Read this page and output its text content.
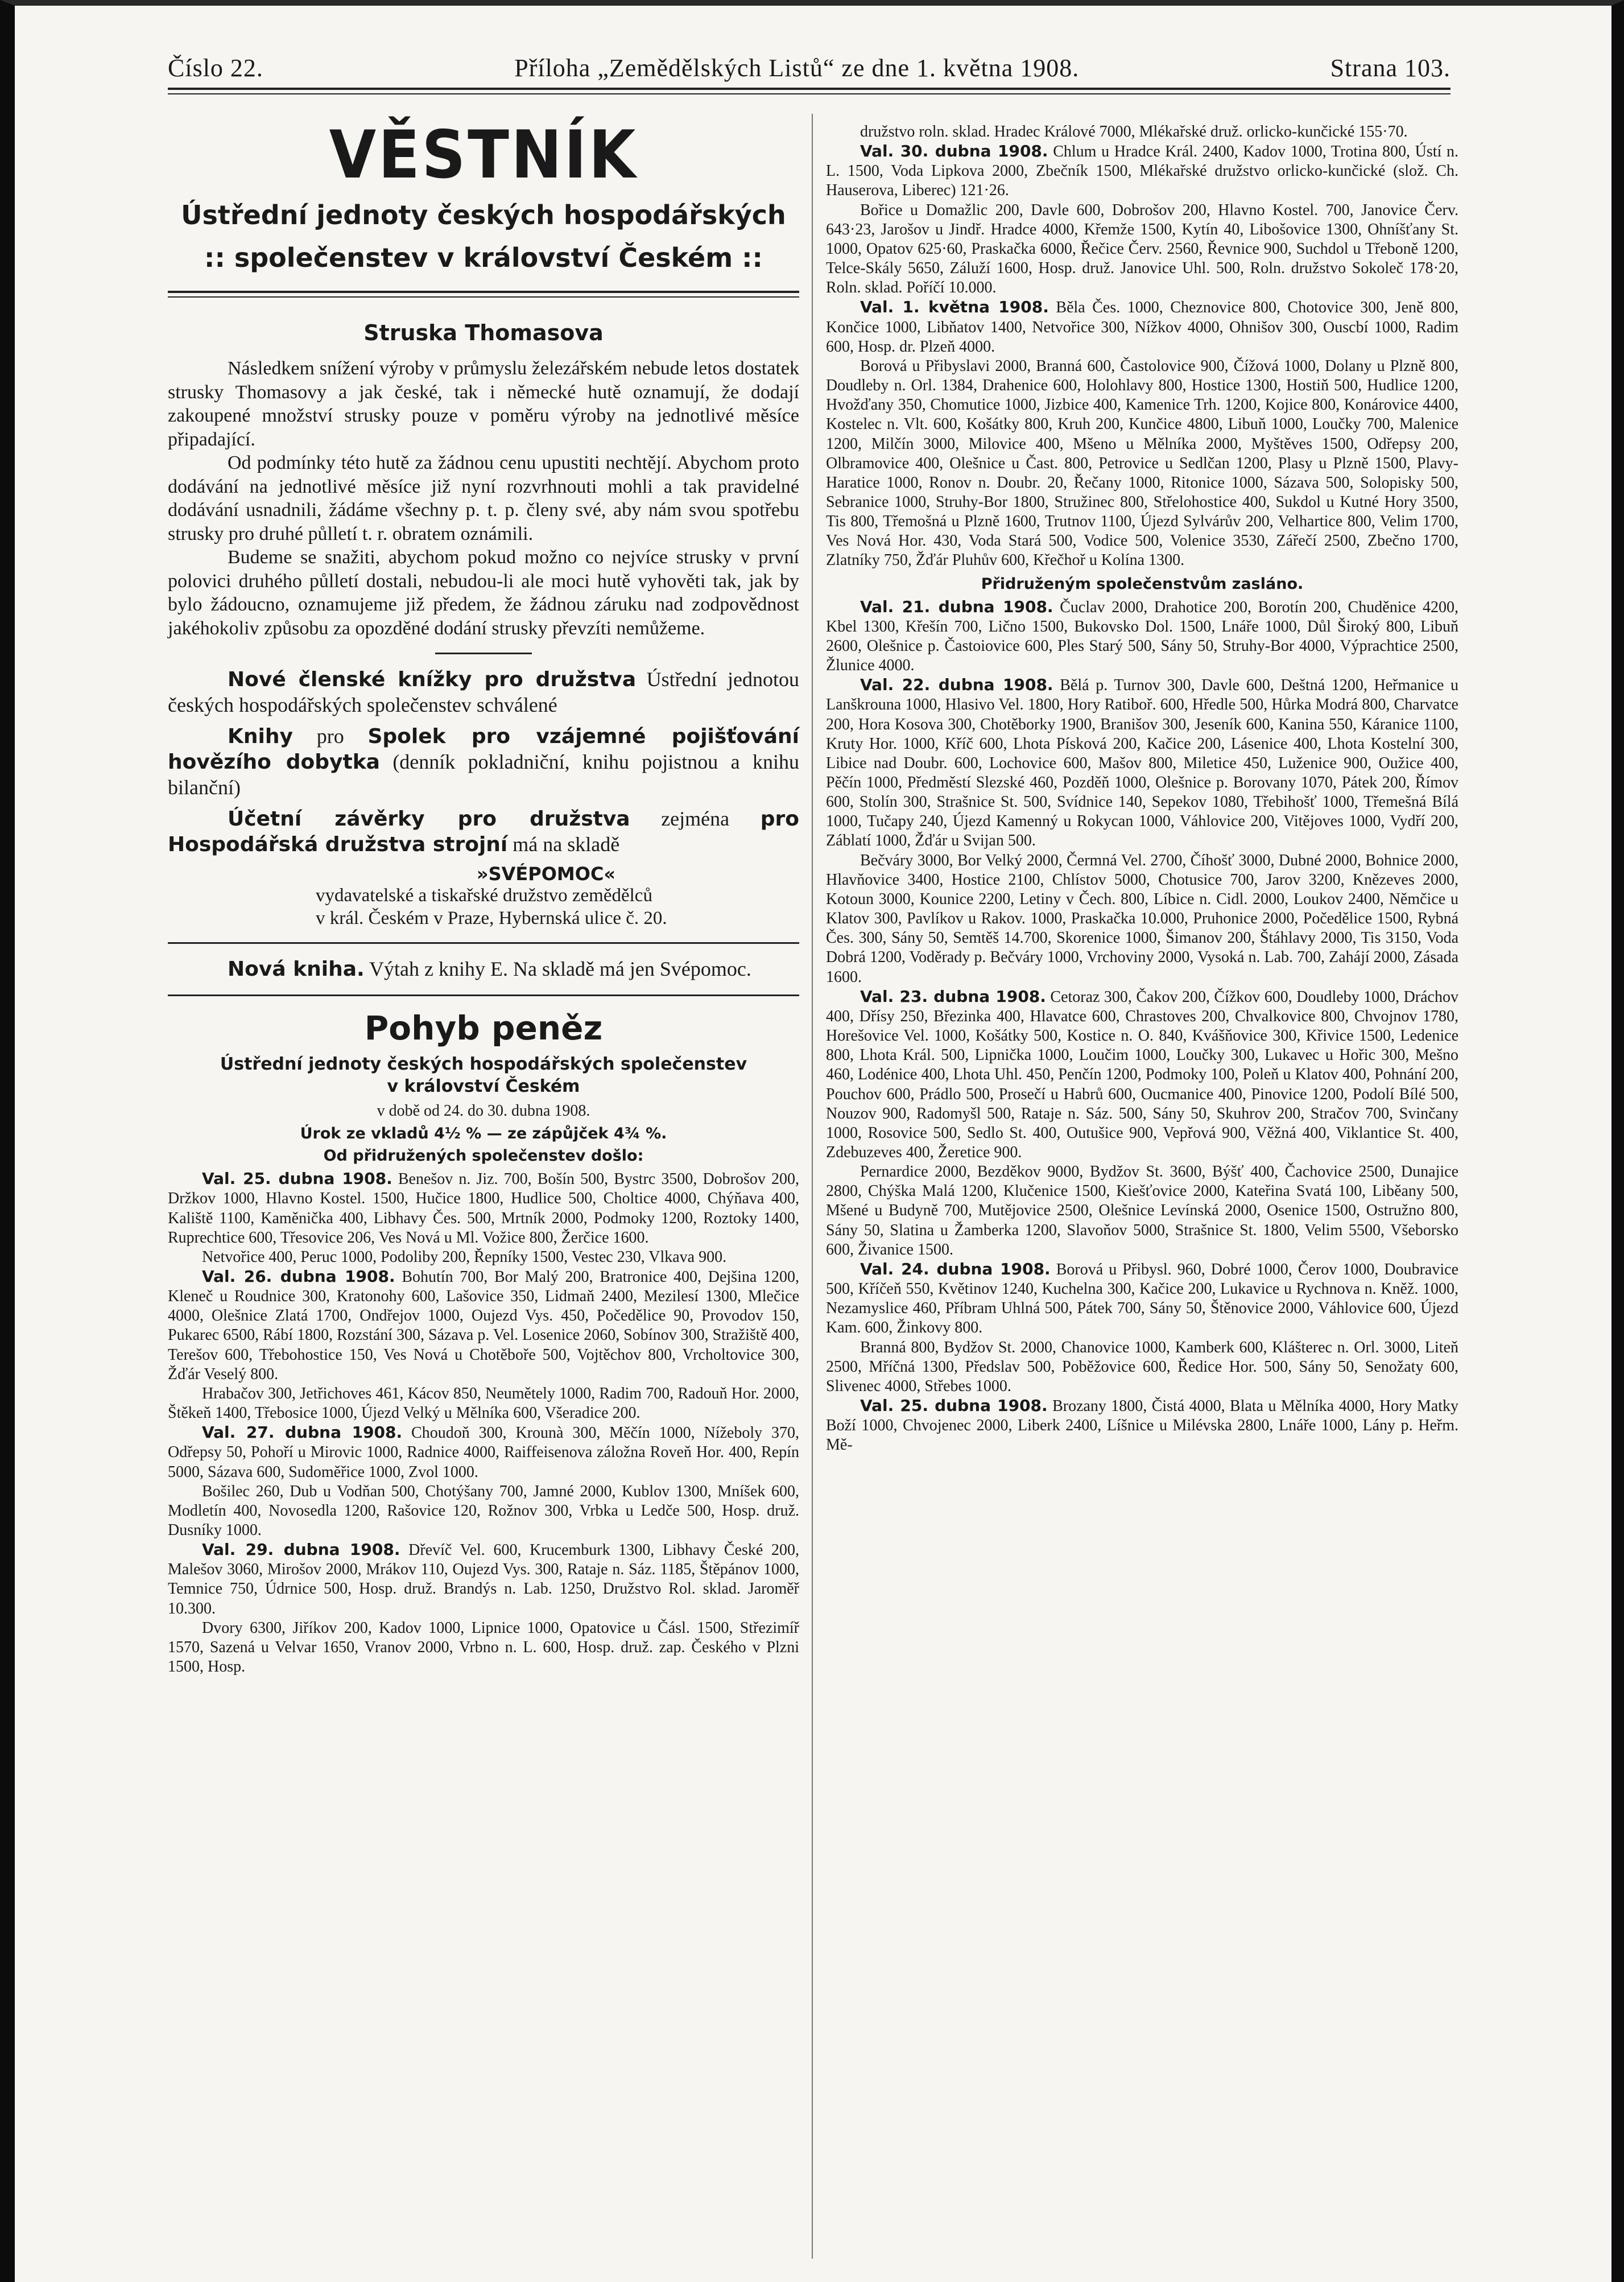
Číslo 22.	Příloha „Zemědělských Listů“ ze dne 1. května 1908.	Strana 103.
VĚSTNÍK
Ústřední jednoty českých hospodářských
:: společenstev v království Českém ::
Struska Thomasova

Následkem snížení výroby v průmyslu železářském nebude letos dostatek strusky Thomasovy a jak české, tak i německé hutě oznamují, že dodají zakoupené množství strusky pouze v poměru výroby na jednotlivé měsíce připadající.

Od podmínky této hutě za žádnou cenu upustiti nechtějí. Abychom proto dodávání na jednotlivé měsíce již nyní rozvrhnouti mohli a tak pravidelné dodávání usnadnili, žádáme všechny p. t. p. členy své, aby nám svou spotřebu strusky pro druhé půlletí t. r. obratem oznámili.

Budeme se snažiti, abychom pokud možno co nejvíce strusky v první polovici druhého půlletí dostali, nebudou-li ale moci hutě vyhověti tak, jak by bylo žádoucno, oznamujeme již předem, že žádnou záruku nad zodpovědnost jakéhokoliv způsobu za opozděné dodání strusky převzíti nemůžeme.

Nové členské knížky pro družstva Ústřední jednotou českých hospodářských společenstev schválené

Knihy pro Spolek pro vzájemné pojišťování hovězího dobytka (denník pokladniční, knihu pojistnou a knihu bilanční)

Účetní závěrky pro družstva zejména pro Hospodářská družstva strojní má na skladě

»SVÉPOMOC«
vydavatelské a tiskařské družstvo zemědělců
v král. Českém v Praze, Hybernská ulice č. 20.

Nová kniha. Výtah z knihy E. Na skladě má jen Svépomoc.

Pohyb peněz
Ústřední jednoty českých hospodářských společenstev
v království Českém
v době od 24. do 30. dubna 1908.
Úrok ze vkladů 4½ % — ze zápůjček 4¾ %.
Od přidružených společenstev došlo:

Val. 25. dubna 1908. Benešov n. Jiz. 700, Bošín 500, Bystrc 3500, Dobrošov 200, Držkov 1000, Hlavno Kostel. 1500, Hučice 1800, Hudlice 500, Choltice 4000, Chýňava 400, Kaliště 1100, Kaměnička 400, Libhavy Čes. 500, Mrtník 2000, Podmoky 1200, Roztoky 1400, Ruprechtice 600, Třesovice 206, Ves Nová u Ml. Vožice 800, Žerčice 1600.

Netvořice 400, Peruc 1000, Podoliby 200, Řepníky 1500, Vestec 230, Vlkava 900.

Val. 26. dubna 1908. Bohutín 700, Bor Malý 200, Bratronice 400, Dejšina 1200, Kleneč u Roudnice 300, Kratonohy 600, Lašovice 350, Lidmaň 2400, Mezilesí 1300, Mlečice 4000, Olešnice Zlatá 1700, Ondřejov 1000, Oujezd Vys. 450, Počedělice 90, Provodov 150, Pukarec 6500, Rábí 1800, Rozstání 300, Sázava p. Vel. Losenice 2060, Sobínov 300, Stražiště 400, Terešov 600, Třebohostice 150, Ves Nová u Chotěboře 500, Vojtěchov 800, Vrcholtovice 300, Žďár Veselý 800.

Hrabačov 300, Jetřichoves 461, Kácov 850, Neumětely 1000, Radim 700, Radouň Hor. 2000, Štěkeň 1400, Třebosice 1000, Újezd Velký u Mělníka 600, Všeradice 200.

Val. 27. dubna 1908. Choudoň 300, Krounà 300, Měčín 1000, Nížeboly 370, Odřepsy 50, Pohoří u Mirovic 1000, Radnice 4000, Raiffeisenova záložna Roveň Hor. 400, Repín 5000, Sázava 600, Sudoměřice 1000, Zvol 1000.

Bošilec 260, Dub u Vodňan 500, Chotýšany 700, Jamné 2000, Kublov 1300, Mníšek 600, Modletín 400, Novosedla 1200, Rašovice 120, Rožnov 300, Vrbka u Ledče 500, Hosp. druž. Dusníky 1000.

Val. 29. dubna 1908. Dřevíč Vel. 600, Krucemburk 1300, Libhavy České 200, Malešov 3060, Mirošov 2000, Mrákov 110, Oujezd Vys. 300, Rataje n. Sáz. 1185, Štěpánov 1000, Temnice 750, Údrnice 500, Hosp. druž. Brandýs n. Lab. 1250, Družstvo Rol. sklad. Jaroměř 10.300.

Dvory 6300, Jiříkov 200, Kadov 1000, Lipnice 1000, Opatovice u Čásl. 1500, Střezimíř 1570, Sazená u Velvar 1650, Vranov 2000, Vrbno n. L. 600, Hosp. druž. zap. Českého v Plzni 1500, Hosp.

družstvo roln. sklad. Hradec Králové 7000, Mlékařské druž. orlicko-kunčické 155·70.

Val. 30. dubna 1908. Chlum u Hradce Král. 2400, Kadov 1000, Trotina 800, Ústí n. L. 1500, Voda Lipkova 2000, Zbečník 1500, Mlékařské družstvo orlicko-kunčické (slož. Ch. Hauserova, Liberec) 121·26.

Bořice u Domažlic 200, Davle 600, Dobrošov 200, Hlavno Kostel. 700, Janovice Červ. 643·23, Jarošov u Jindř. Hradce 4000, Křemže 1500, Kytín 40, Libošovice 1300, Ohníšťany St. 1000, Opatov 625·60, Praskačka 6000, Řečice Červ. 2560, Řevnice 900, Suchdol u Třeboně 1200, Telce-Skály 5650, Záluží 1600, Hosp. druž. Janovice Uhl. 500, Roln. družstvo Sokoleč 178·20, Roln. sklad. Poříčí 10.000.

Val. 1. května 1908. Běla Čes. 1000, Cheznovice 800, Chotovice 300, Jeně 800, Končice 1000, Libňatov 1400, Netvořice 300, Nížkov 4000, Ohnišov 300, Ouscbí 1000, Radim 600, Hosp. dr. Plzeň 4000.

Borová u Přibyslavi 2000, Branná 600, Častolovice 900, Čížová 1000, Dolany u Plzně 800, Doudleby n. Orl. 1384, Drahenice 600, Holohlavy 800, Hostice 1300, Hostiň 500, Hudlice 1200, Hvožďany 350, Chomutice 1000, Jizbice 400, Kamenice Trh. 1200, Kojice 800, Konárovice 4400, Kostelec n. Vlt. 600, Košátky 800, Kruh 200, Kunčice 4800, Libuň 1000, Loučky 700, Malenice 1200, Milčín 3000, Milovice 400, Mšeno u Mělníka 2000, Myštěves 1500, Odřepsy 200, Olbramovice 400, Olešnice u Čast. 800, Petrovice u Sedlčan 1200, Plasy u Plzně 1500, Plavy-Haratice 1000, Ronov n. Doubr. 20, Řečany 1000, Ritonice 1000, Sázava 500, Solopisky 500, Sebranice 1000, Struhy-Bor 1800, Stružinec 800, Střelohostice 400, Sukdol u Kutné Hory 3500, Tis 800, Třemošná u Plzně 1600, Trutnov 1100, Újezd Sylvárův 200, Velhartice 800, Velim 1700, Ves Nová Hor. 430, Voda Stará 500, Vodice 500, Volenice 3530, Zářečí 2500, Zbečno 1700, Zlatníky 750, Žďár Pluhův 600, Křečhoř u Kolína 1300.

Přidruženým společenstvům zasláno.

Val. 21. dubna 1908. Čuclav 2000, Drahotice 200, Borotín 200, Chuděnice 4200, Kbel 1300, Křešín 700, Lično 1500, Bukovsko Dol. 1500, Lnáře 1000, Důl Široký 800, Libuň 2600, Olešnice p. Častoiovice 600, Ples Starý 500, Sány 50, Struhy-Bor 4000, Výprachtice 2500, Žlunice 4000.

Val. 22. dubna 1908. Bělá p. Turnov 300, Davle 600, Deštná 1200, Heřmanice u Lanškrouna 1000, Hlasivo Vel. 1800, Hory Ratiboř. 600, Hředle 500, Hůrka Modrá 800, Charvatce 200, Hora Kosova 300, Chotěborky 1900, Branišov 300, Jeseník 600, Kanina 550, Káranice 1100, Kruty Hor. 1000, Kříč 600, Lhota Písková 200, Kačice 200, Lásenice 400, Lhota Kostelní 300, Libice nad Doubr. 600, Lochovice 600, Mašov 800, Miletice 450, Luženice 900, Oužice 400, Pěčín 1000, Předměstí Slezské 460, Pozděň 1000, Olešnice p. Borovany 1070, Pátek 200, Římov 600, Stolín 300, Strašnice St. 500, Svídnice 140, Sepekov 1080, Třebihošť 1000, Třemešná Bílá 1000, Tučapy 240, Újezd Kamenný u Rokycan 1000, Váhlovice 200, Vitějoves 1000, Vydří 200, Záblatí 1000, Žďár u Svijan 500.

Bečváry 3000, Bor Velký 2000, Čermná Vel. 2700, Číhošť 3000, Dubné 2000, Bohnice 2000, Hlavňovice 3400, Hostice 2100, Chlístov 5000, Chotusice 700, Jarov 3200, Knězeves 2000, Kotoun 3000, Kounice 2200, Letiny v Čech. 800, Líbice n. Cidl. 2000, Loukov 2400, Němčice u Klatov 300, Pavlíkov u Rakov. 1000, Praskačka 10.000, Pruhonice 2000, Počedělice 1500, Rybná Čes. 300, Sány 50, Semtěš 14.700, Skorenice 1000, Šimanov 200, Štáhlavy 2000, Tis 3150, Voda Dobrá 1200, Voděrady p. Bečváry 1000, Vrchoviny 2000, Vysoká n. Lab. 700, Zahájí 2000, Zásada 1600.

Val. 23. dubna 1908. Cetoraz 300, Čakov 200, Čížkov 600, Doudleby 1000, Dráchov 400, Dřísy 250, Březinka 400, Hlavatce 600, Chrastoves 200, Chvalkovice 800, Chvojnov 1780, Horešovice Vel. 1000, Košátky 500, Kostice n. O. 840, Kvášňovice 300, Křivice 1500, Ledenice 800, Lhota Král. 500, Lipnička 1000, Loučim 1000, Loučky 300, Lukavec u Hořic 300, Mešno 460, Lodénice 400, Lhota Uhl. 450, Penčín 1200, Podmoky 100, Poleň u Klatov 400, Pohnání 200, Pouchov 600, Prádlo 500, Prosečí u Habrů 600, Oucmanice 400, Pinovice 1200, Podolí Bílé 500, Nouzov 900, Radomyšl 500, Rataje n. Sáz. 500, Sány 50, Skuhrov 200, Stračov 700, Svinčany 1000, Rosovice 500, Sedlo St. 400, Outušice 900, Vepřová 900, Věžná 400, Viklantice St. 400, Zdebuzeves 400, Žeretice 900.

Pernardice 2000, Bezděkov 9000, Bydžov St. 3600, Býšť 400, Čachovice 2500, Dunajice 2800, Chýška Malá 1200, Klučenice 1500, Kiešťovice 2000, Kateřina Svatá 100, Liběany 500, Mšené u Budyně 700, Mutějovice 2500, Olešnice Levínská 2000, Osenice 1500, Ostružno 800, Sány 50, Slatina u Žamberka 1200, Slavoňov 5000, Strašnice St. 1800, Velim 5500, Všeborsko 600, Živanice 1500.

Val. 24. dubna 1908. Borová u Přibysl. 960, Dobré 1000, Čerov 1000, Doubravice 500, Kříčeň 550, Květinov 1240, Kuchelna 300, Kačice 200, Lukavice u Rychnova n. Kněž. 1000, Nezamyslice 460, Příbram Uhlná 500, Pátek 700, Sány 50, Štěnovice 2000, Váhlovice 600, Újezd Kam. 600, Žinkovy 800.

Branná 800, Bydžov St. 2000, Chanovice 1000, Kamberk 600, Klášterec n. Orl. 3000, Liteň 2500, Mříčná 1300, Předslav 500, Poběžovice 600, Ředice Hor. 500, Sány 50, Senožaty 600, Slivenec 4000, Střebes 1000.

Val. 25. dubna 1908. Brozany 1800, Čistá 4000, Blata u Mělníka 4000, Hory Matky Boží 1000, Chvojenec 2000, Liberk 2400, Líšnice u Milévska 2800, Lnáře 1000, Lány p. Heřm. Mě-
